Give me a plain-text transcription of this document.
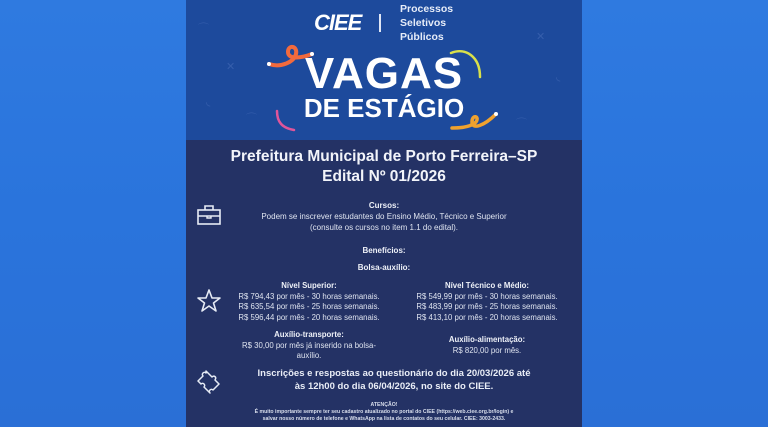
⌒
✕
◟
⌒
✕
◟
⌒
CIEE
Processos
Seletivos
Públicos
VAGAS
DE ESTÁGIO
Prefeitura Municipal de Porto Ferreira–SP
Edital Nº 01/2026
Cursos:
Podem se inscrever estudantes do Ensino Médio, Técnico e Superior
(consulte os cursos no item 1.1 do edital).
Benefícios:
Bolsa-auxílio:
Nível Superior:
R$ 794,43 por mês - 30 horas semanais.
R$ 635,54 por mês - 25 horas semanais.
R$ 596,44 por mês - 20 horas semanais.
Nível Técnico e Médio:
R$ 549,99 por mês - 30 horas semanais.
R$ 483,99 por mês - 25 horas semanais.
R$ 413,10 por mês - 20 horas semanais.
Auxílio-transporte:
R$ 30,00 por mês já inserido na bolsa-
auxílio.
Auxílio-alimentação:
R$ 820,00 por mês.
Inscrições e respostas ao questionário do dia 20/03/2026 até
às 12h00 do dia 06/04/2026, no site do CIEE.
ATENÇÃO!
É muito importante sempre ter seu cadastro atualizado no portal do CIEE (https://web.ciee.org.br/login) e
salvar nosso número de telefone e WhatsApp na lista de contatos do seu celular. CIEE: 3003-2433.
